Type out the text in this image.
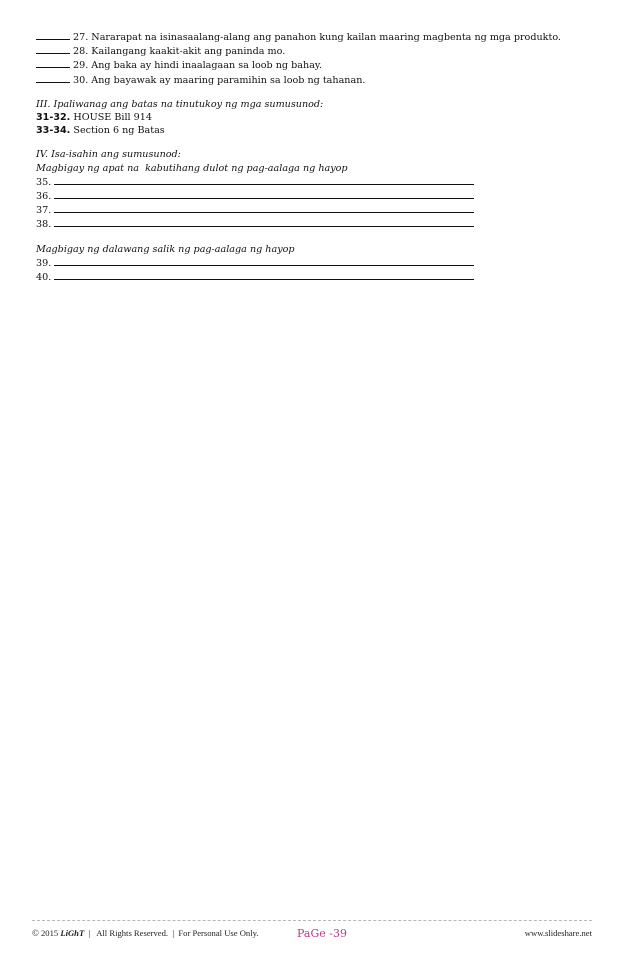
27. Nararapat na isinasaalang-alang ang panahon kung kailan maaring magbenta ng mga produkto.
28. Kailangang kaakit-akit ang paninda mo.
29. Ang baka ay hindi inaalagaan sa loob ng bahay.
30. Ang bayawak ay maaring paramihin sa loob ng tahanan.
III. Ipaliwanag ang batas na tinutukoy ng mga sumusunod:
31-32. HOUSE Bill 914
33-34. Section 6 ng Batas
IV. Isa-isahin ang sumusunod:
Magbigay ng apat na  kabutihang dulot ng pag-aalaga ng hayop
35.
36.
37.
38.
Magbigay ng dalawang salik ng pag-aalaga ng hayop
39.
40.
© 2015 LiGhT |   All Rights Reserved.  |  For Personal Use Only.	PaGe -39	www.slideshare.net
